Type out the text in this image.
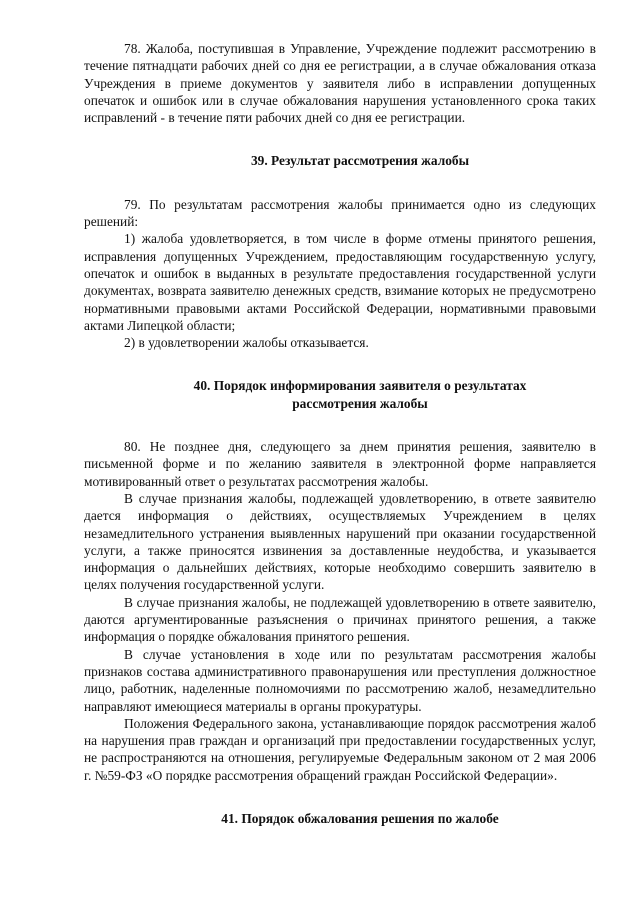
78. Жалоба, поступившая в Управление, Учреждение подлежит рассмотрению в течение пятнадцати рабочих дней со дня ее регистрации, а в случае обжалования отказа Учреждения в приеме документов у заявителя либо в исправлении допущенных опечаток и ошибок или в случае обжалования нарушения установленного срока таких исправлений - в течение пяти рабочих дней со дня ее регистрации.

39. Результат рассмотрения жалобы

79. По результатам рассмотрения жалобы принимается одно из следующих решений:

1) жалоба удовлетворяется, в том числе в форме отмены принятого решения, исправления допущенных Учреждением, предоставляющим государственную услугу, опечаток и ошибок в выданных в результате предоставления государственной услуги документах, возврата заявителю денежных средств, взимание которых не предусмотрено нормативными правовыми актами Российской Федерации, нормативными правовыми актами Липецкой области;

2) в удовлетворении жалобы отказывается.

40. Порядок информирования заявителя о результатах
рассмотрения жалобы

80. Не позднее дня, следующего за днем принятия решения, заявителю в письменной форме и по желанию заявителя в электронной форме направляется мотивированный ответ о результатах рассмотрения жалобы.

В случае признания жалобы, подлежащей удовлетворению, в ответе заявителю дается информация о действиях, осуществляемых Учреждением в целях незамедлительного устранения выявленных нарушений при оказании государственной услуги, а также приносятся извинения за доставленные неудобства, и указывается информация о дальнейших действиях, которые необходимо совершить заявителю в целях получения государственной услуги.

В случае признания жалобы, не подлежащей удовлетворению в ответе заявителю, даются аргументированные разъяснения о причинах принятого решения, а также информация о порядке обжалования принятого решения.

В случае установления в ходе или по результатам рассмотрения жалобы признаков состава административного правонарушения или преступления должностное лицо, работник, наделенные полномочиями по рассмотрению жалоб, незамедлительно направляют имеющиеся материалы в органы прокуратуры.

Положения Федерального закона, устанавливающие порядок рассмотрения жалоб на нарушения прав граждан и организаций при предоставлении государственных услуг, не распространяются на отношения, регулируемые Федеральным законом от 2 мая 2006 г. №59-ФЗ «О порядке рассмотрения обращений граждан Российской Федерации».

41. Порядок обжалования решения по жалобе
